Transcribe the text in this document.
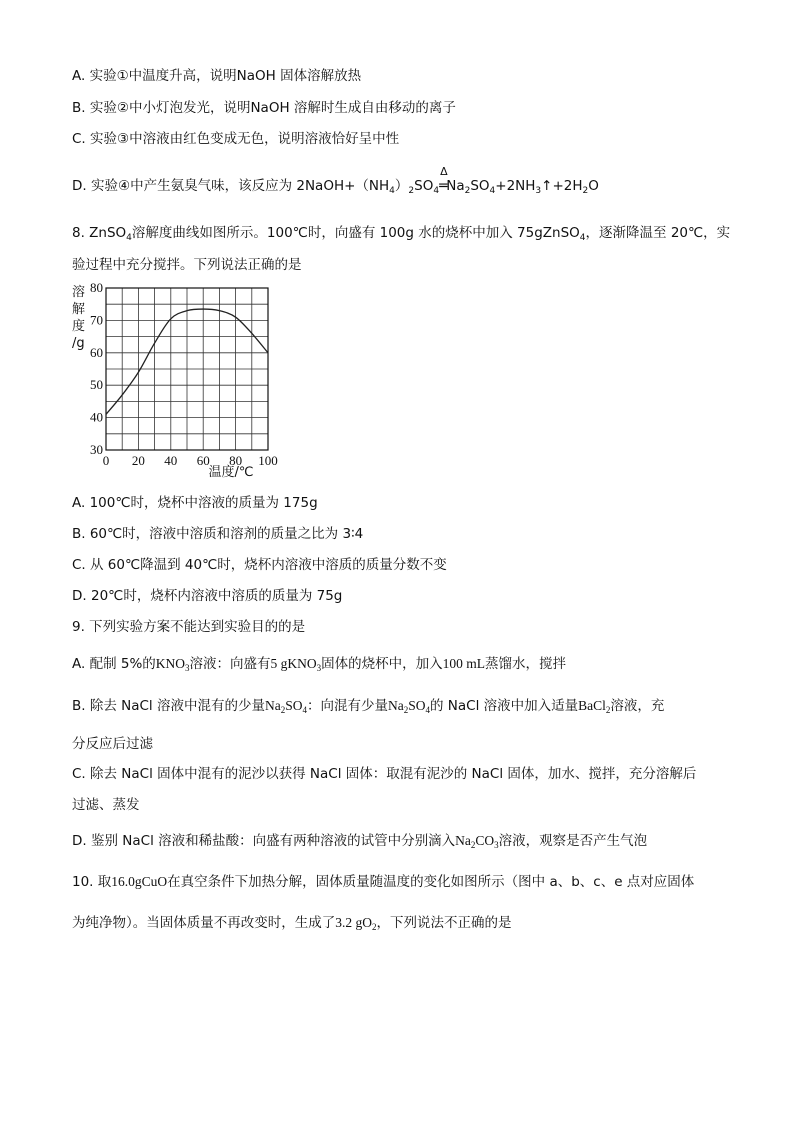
A. 实验①中温度升高，说明NaOH 固体溶解放热
B. 实验②中小灯泡发光，说明NaOH 溶解时生成自由移动的离子
C. 实验③中溶液由红色变成无色，说明溶液恰好呈中性
D. 实验④中产生氨臭气味，该反应为 $2NaOH+(NH_4)_2SO_4$
Δ
$═Na_2SO_4+2NH_3↑+2H_2O$
8. ZnSO$_4$溶解度曲线如图所示。100℃时，向盛有 100g 水的烧杯中加入 75gZnSO$_4$，逐渐降温至 20℃，实
验过程中充分搅拌。下列说法正确的是
30
40
50
60
70
80
0 20 40 60 80 100
溶解度/g
温度/℃
A. 100℃时，烧杯中溶液的质量为 175g
B. 60℃时，溶液中溶质和溶剂的质量之比为 3∶4
C. 从 60℃降温到 40℃时，烧杯内溶液中溶质的质量分数不变
D. 20℃时，烧杯内溶液中溶质的质量为 75g
9. 下列实验方案不能达到实验目的的是
A. 配制 5%的$KNO_3$溶液：向盛有5 gKNO$_3$固体的烧杯中，加入100 mL蒸馏水，搅拌
B. 除去 NaCl 溶液中混有的少量$Na_2SO_4$：向混有少量$Na_2SO_4$的 NaCl 溶液中加入适量BaCl$_2$溶液，充
分反应后过滤
C. 除去 NaCl 固体中混有的泥沙以获得 NaCl 固体：取混有泥沙的 NaCl 固体，加水、搅拌，充分溶解后
过滤、蒸发
D. 鉴别 NaCl 溶液和稀盐酸：向盛有两种溶液的试管中分别滴入$Na_2CO_3$溶液，观察是否产生气泡
10. 取16.0gCuO在真空条件下加热分解，固体质量随温度的变化如图所示（图中 a、b、c、e 点对应固体
为纯净物）。当固体质量不再改变时，生成了3.2 $gO_2$，下列说法不正确的是
